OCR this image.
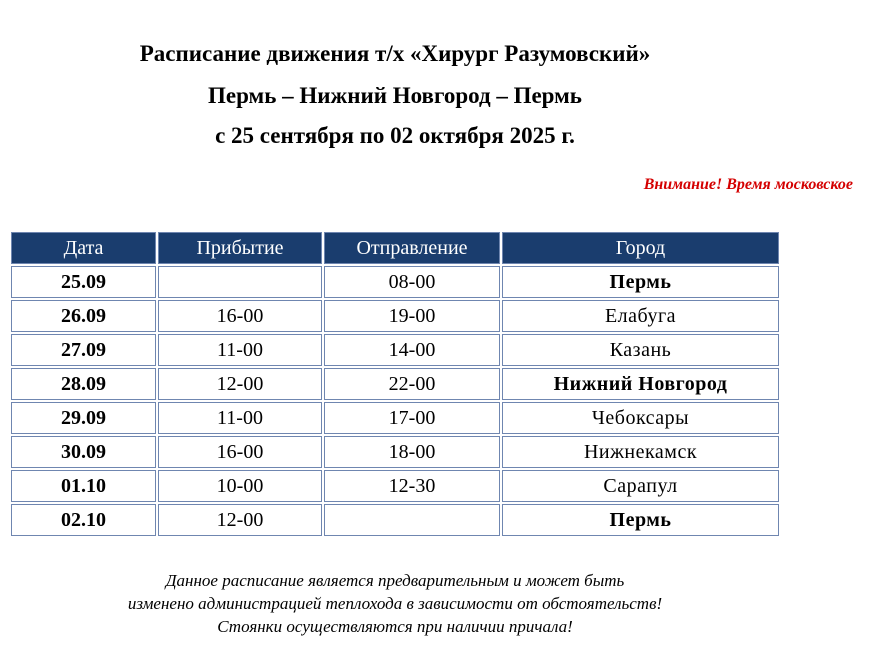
Расписание движения т/х «Хирург Разумовский»
Пермь – Нижний Новгород – Пермь
с 25 сентября по 02 октября 2025 г.
Внимание! Время московское
Дата	Прибытие	Отправление	Город
25.09		08-00	Пермь
26.09	16-00	19-00	Елабуга
27.09	11-00	14-00	Казань
28.09	12-00	22-00	Нижний Новгород
29.09	11-00	17-00	Чебоксары
30.09	16-00	18-00	Нижнекамск
01.10	10-00	12-30	Сарапул
02.10	12-00		Пермь
Данное расписание является предварительным и может быть
изменено администрацией теплохода в зависимости от обстоятельств!
Стоянки осуществляются при наличии причала!
